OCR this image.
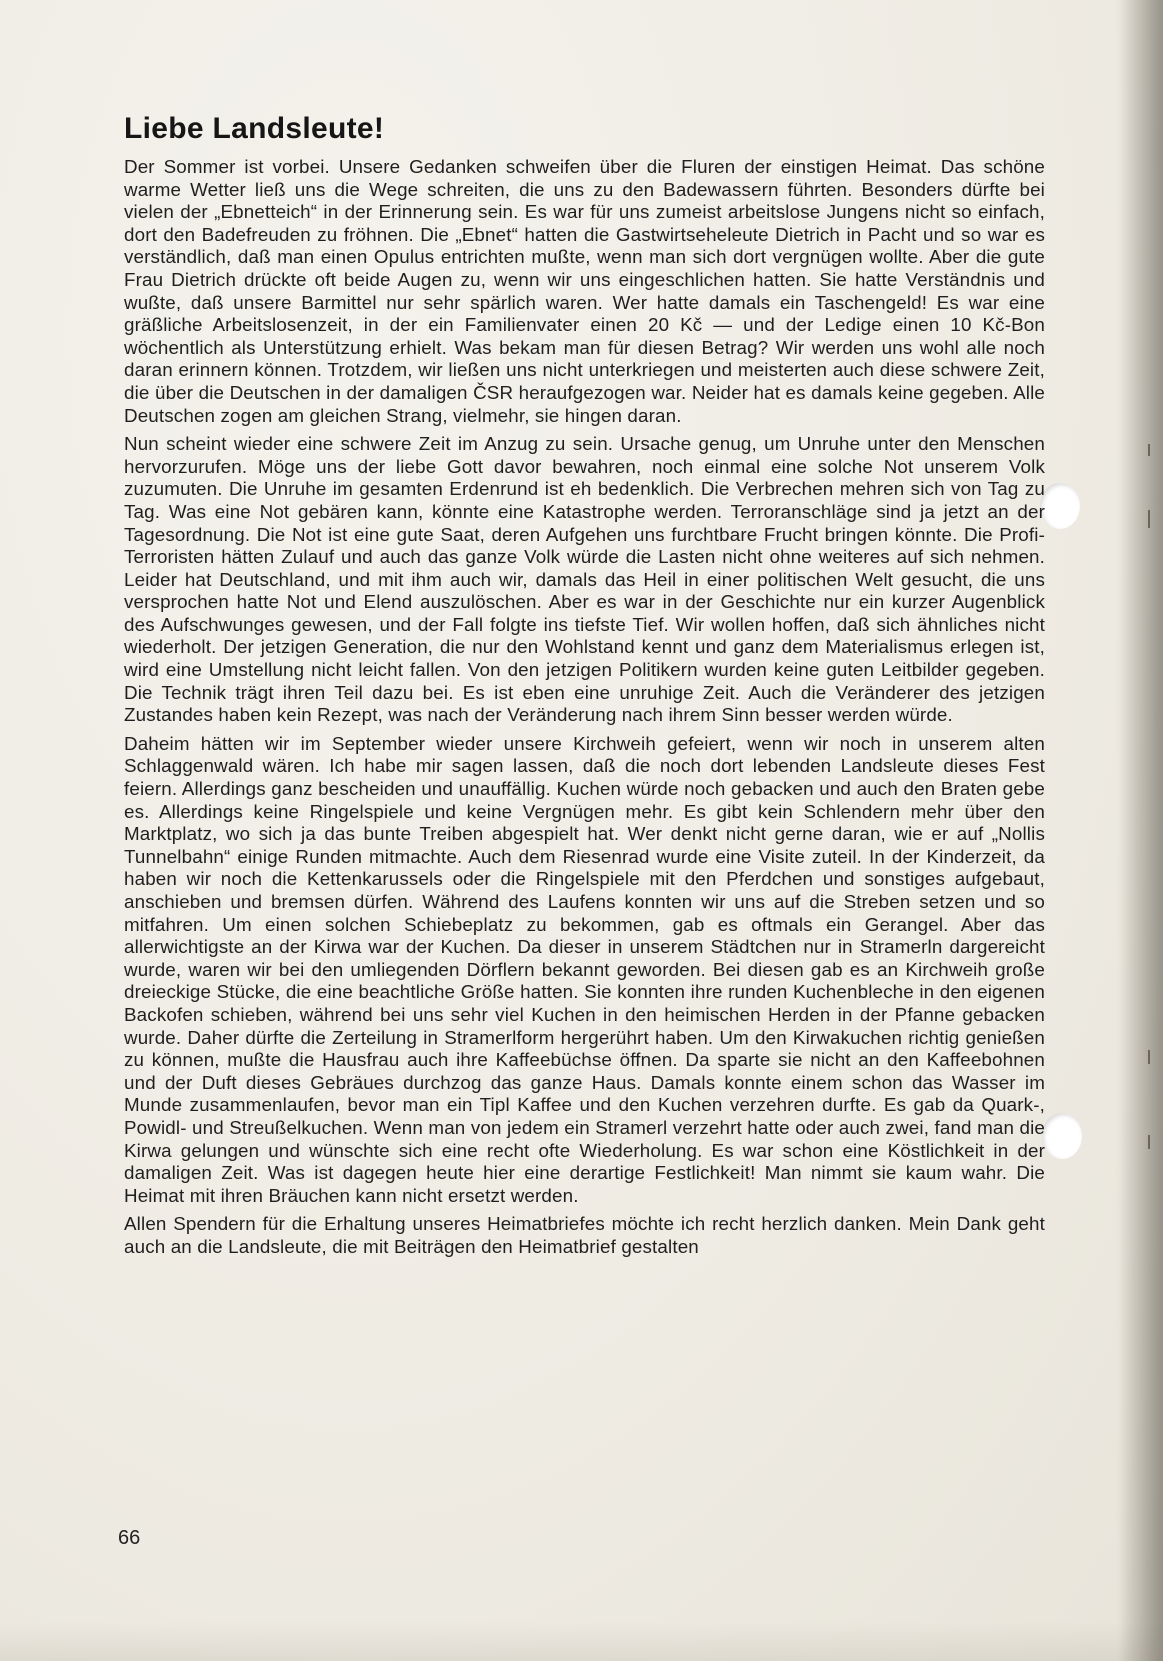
Liebe Landsleute!

Der Sommer ist vorbei. Unsere Gedanken schweifen über die Fluren der einstigen Heimat. Das schöne warme Wetter ließ uns die Wege schreiten, die uns zu den Badewassern führten. Besonders dürfte bei vielen der „Ebnetteich“ in der Erinnerung sein. Es war für uns zumeist arbeitslose Jungens nicht so einfach, dort den Badefreuden zu fröhnen. Die „Ebnet“ hatten die Gastwirtseheleute Dietrich in Pacht und so war es verständlich, daß man einen Opulus entrichten mußte, wenn man sich dort vergnügen wollte. Aber die gute Frau Dietrich drückte oft beide Augen zu, wenn wir uns eingeschlichen hatten. Sie hatte Verständnis und wußte, daß unsere Barmittel nur sehr spärlich waren. Wer hatte damals ein Taschengeld! Es war eine gräßliche Arbeitslosenzeit, in der ein Familienvater einen 20 Kč — und der Ledige einen 10 Kč-Bon wöchentlich als Unterstützung erhielt. Was bekam man für diesen Betrag? Wir werden uns wohl alle noch daran erinnern können. Trotzdem, wir ließen uns nicht unterkriegen und meisterten auch diese schwere Zeit, die über die Deutschen in der damaligen ČSR heraufgezogen war. Neider hat es damals keine gegeben. Alle Deutschen zogen am gleichen Strang, vielmehr, sie hingen daran.

Nun scheint wieder eine schwere Zeit im Anzug zu sein. Ursache genug, um Unruhe unter den Menschen hervorzurufen. Möge uns der liebe Gott davor bewahren, noch einmal eine solche Not unserem Volk zuzumuten. Die Unruhe im gesamten Erdenrund ist eh bedenklich. Die Verbrechen mehren sich von Tag zu Tag. Was eine Not gebären kann, könnte eine Katastrophe werden. Terroranschläge sind ja jetzt an der Tagesordnung. Die Not ist eine gute Saat, deren Aufgehen uns furchtbare Frucht bringen könnte. Die Profi-Terroristen hätten Zulauf und auch das ganze Volk würde die Lasten nicht ohne weiteres auf sich nehmen. Leider hat Deutschland, und mit ihm auch wir, damals das Heil in einer politischen Welt gesucht, die uns versprochen hatte Not und Elend auszulöschen. Aber es war in der Geschichte nur ein kurzer Augenblick des Aufschwunges gewesen, und der Fall folgte ins tiefste Tief. Wir wollen hoffen, daß sich ähnliches nicht wiederholt. Der jetzigen Generation, die nur den Wohlstand kennt und ganz dem Materialismus erlegen ist, wird eine Umstellung nicht leicht fallen. Von den jetzigen Politikern wurden keine guten Leitbilder gegeben. Die Technik trägt ihren Teil dazu bei. Es ist eben eine unruhige Zeit. Auch die Veränderer des jetzigen Zustandes haben kein Rezept, was nach der Veränderung nach ihrem Sinn besser werden würde.

Daheim hätten wir im September wieder unsere Kirchweih gefeiert, wenn wir noch in unserem alten Schlaggenwald wären. Ich habe mir sagen lassen, daß die noch dort lebenden Landsleute dieses Fest feiern. Allerdings ganz bescheiden und unauffällig. Kuchen würde noch gebacken und auch den Braten gebe es. Allerdings keine Ringelspiele und keine Vergnügen mehr. Es gibt kein Schlendern mehr über den Marktplatz, wo sich ja das bunte Treiben abgespielt hat. Wer denkt nicht gerne daran, wie er auf „Nollis Tunnelbahn“ einige Runden mitmachte. Auch dem Riesenrad wurde eine Visite zuteil. In der Kinderzeit, da haben wir noch die Kettenkarussels oder die Ringelspiele mit den Pferdchen und sonstiges aufgebaut, anschieben und bremsen dürfen. Während des Laufens konnten wir uns auf die Streben setzen und so mitfahren. Um einen solchen Schiebeplatz zu bekommen, gab es oftmals ein Gerangel. Aber das allerwichtigste an der Kirwa war der Kuchen. Da dieser in unserem Städtchen nur in Stramerln dargereicht wurde, waren wir bei den umliegenden Dörflern bekannt geworden. Bei diesen gab es an Kirchweih große dreieckige Stücke, die eine beachtliche Größe hatten. Sie konnten ihre runden Kuchenbleche in den eigenen Backofen schieben, während bei uns sehr viel Kuchen in den heimischen Herden in der Pfanne gebacken wurde. Daher dürfte die Zerteilung in Stramerlform hergerührt haben. Um den Kirwakuchen richtig genießen zu können, mußte die Hausfrau auch ihre Kaffeebüchse öffnen. Da sparte sie nicht an den Kaffeebohnen und der Duft dieses Gebräues durchzog das ganze Haus. Damals konnte einem schon das Wasser im Munde zusammenlaufen, bevor man ein Tipl Kaffee und den Kuchen verzehren durfte. Es gab da Quark-, Powidl- und Streußelkuchen. Wenn man von jedem ein Stramerl verzehrt hatte oder auch zwei, fand man die Kirwa gelungen und wünschte sich eine recht ofte Wiederholung. Es war schon eine Köstlichkeit in der damaligen Zeit. Was ist dagegen heute hier eine derartige Festlichkeit! Man nimmt sie kaum wahr. Die Heimat mit ihren Bräuchen kann nicht ersetzt werden.

Allen Spendern für die Erhaltung unseres Heimatbriefes möchte ich recht herzlich danken. Mein Dank geht auch an die Landsleute, die mit Beiträgen den Heimatbrief gestalten

66
